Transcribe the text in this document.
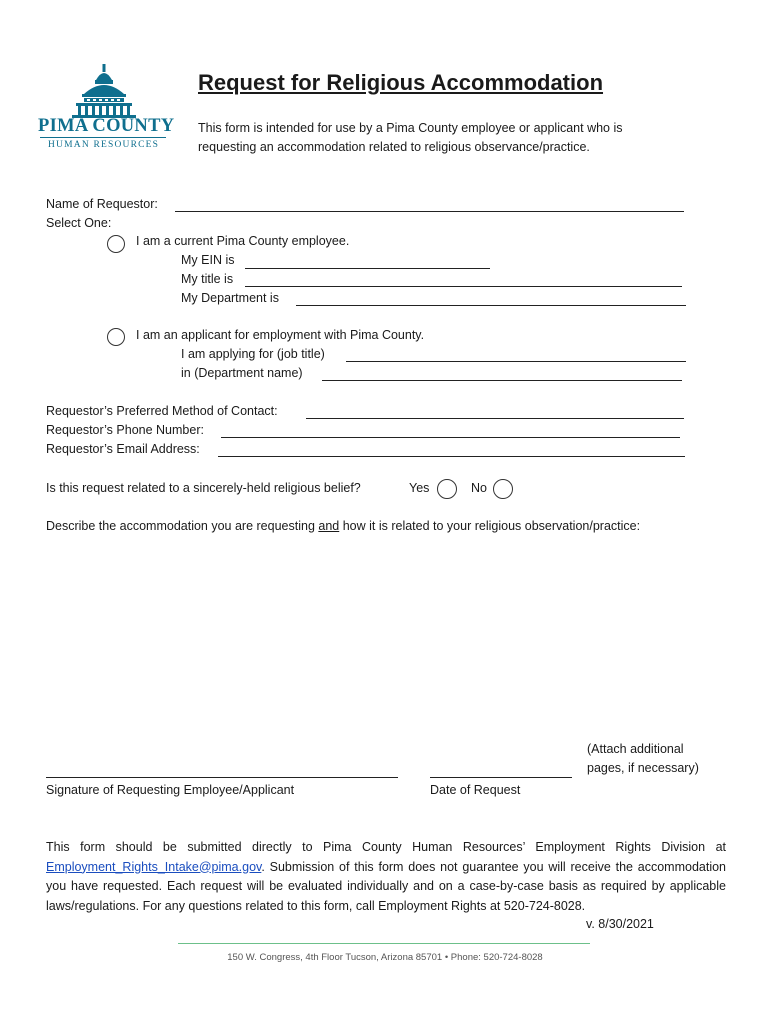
PIMA COUNTY
HUMAN RESOURCES
Request for Religious Accommodation
This form is intended for use by a Pima County employee or applicant who is
requesting an accommodation related to religious observance/practice.
Name of Requestor:
Select One:
I am a current Pima County employee.
My EIN is
My title is
My Department is
I am an applicant for employment with Pima County.
I am applying for (job title)
in (Department name)
Requestor’s Preferred Method of Contact:
Requestor’s Phone Number:
Requestor’s Email Address:
Is this request related to a sincerely-held religious belief?	Yes	No
Describe the accommodation you are requesting and how it is related to your religious observation/practice:
(Attach additional
pages, if necessary)
Signature of Requesting Employee/Applicant	Date of Request
This form should be submitted directly to Pima County Human Resources’ Employment Rights Division at Employment_Rights_Intake@pima.gov. Submission of this form does not guarantee you will receive the accommodation you have requested. Each request will be evaluated individually and on a case-by-case basis as required by applicable laws/regulations. For any questions related to this form, call Employment Rights at 520-724-8028.
v. 8/30/2021
150 W. Congress, 4th Floor Tucson, Arizona 85701 • Phone: 520-724-8028
